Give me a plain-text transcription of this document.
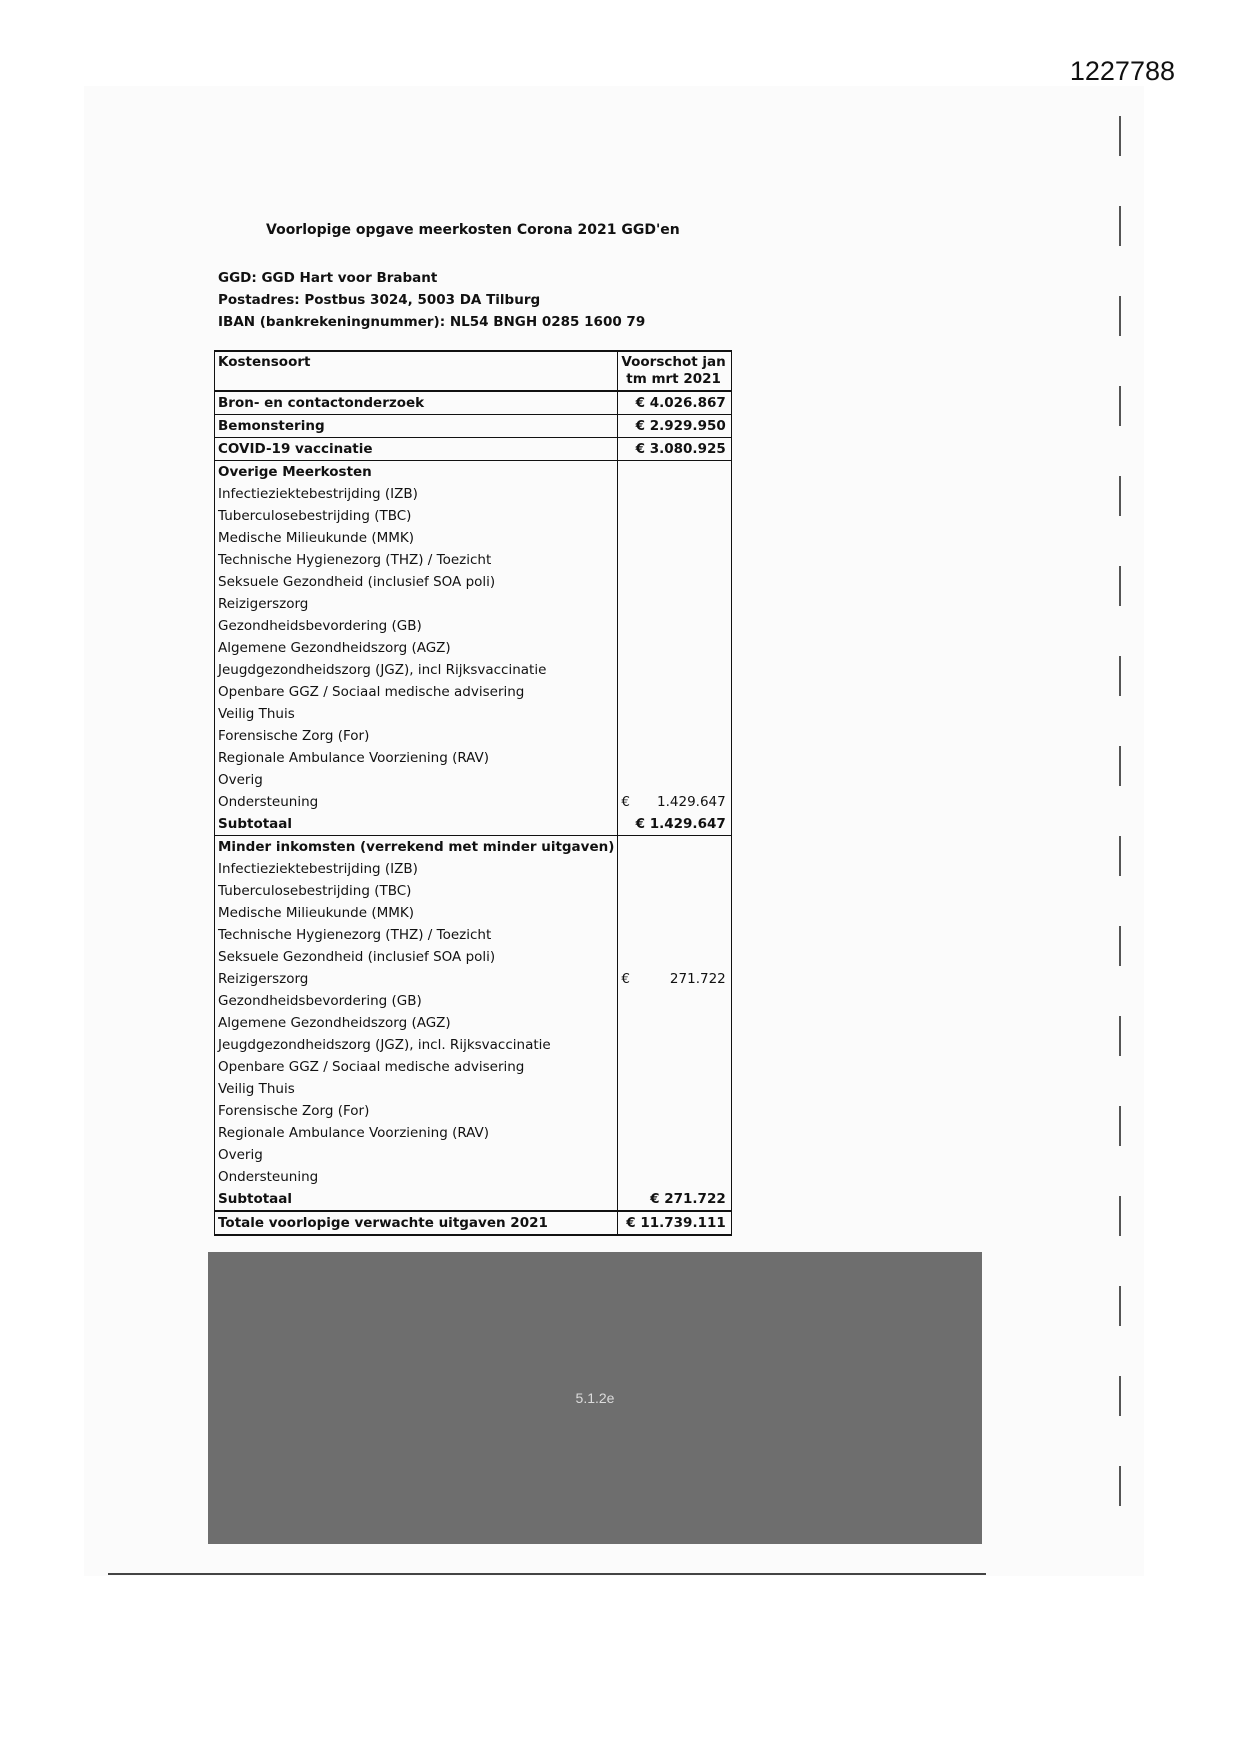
1227788
Voorlopige opgave meerkosten Corona 2021 GGD'en
GGD: GGD Hart voor Brabant
Postadres: Postbus 3024, 5003 DA Tilburg
IBAN (bankrekeningnummer): NL54 BNGH 0285 1600 79
Kostensoort	Voorschot jan
tm mrt 2021

Bron- en contactonderzoek	€ 4.026.867
Bemonstering	€ 2.929.950
COVID-19 vaccinatie	€ 3.080.925
Overige Meerkosten	
Infectieziektebestrijding (IZB)	
Tuberculosebestrijding (TBC)	
Medische Milieukunde (MMK)	
Technische Hygienezorg (THZ) / Toezicht	
Seksuele Gezondheid (inclusief SOA poli)	
Reizigerszorg	
Gezondheidsbevordering (GB)	
Algemene Gezondheidszorg (AGZ)	
Jeugdgezondheidszorg (JGZ), incl Rijksvaccinatie	
Openbare GGZ / Sociaal medische advisering	
Veilig Thuis	
Forensische Zorg (For)	
Regionale Ambulance Voorziening (RAV)	
Overig	
Ondersteuning	€ 1.429.647

Subtotaal	€ 1.429.647
Minder inkomsten (verrekend met minder uitgaven)	
Infectieziektebestrijding (IZB)	
Tuberculosebestrijding (TBC)	
Medische Milieukunde (MMK)	
Technische Hygienezorg (THZ) / Toezicht	
Seksuele Gezondheid (inclusief SOA poli)	
Reizigerszorg	€ 271.722

Gezondheidsbevordering (GB)	
Algemene Gezondheidszorg (AGZ)	
Jeugdgezondheidszorg (JGZ), incl. Rijksvaccinatie	
Openbare GGZ / Sociaal medische advisering	
Veilig Thuis	
Forensische Zorg (For)	
Regionale Ambulance Voorziening (RAV)	
Overig	
Ondersteuning	
Subtotaal	€ 271.722
Totale voorlopige verwachte uitgaven 2021	€ 11.739.111
5.1.2e
